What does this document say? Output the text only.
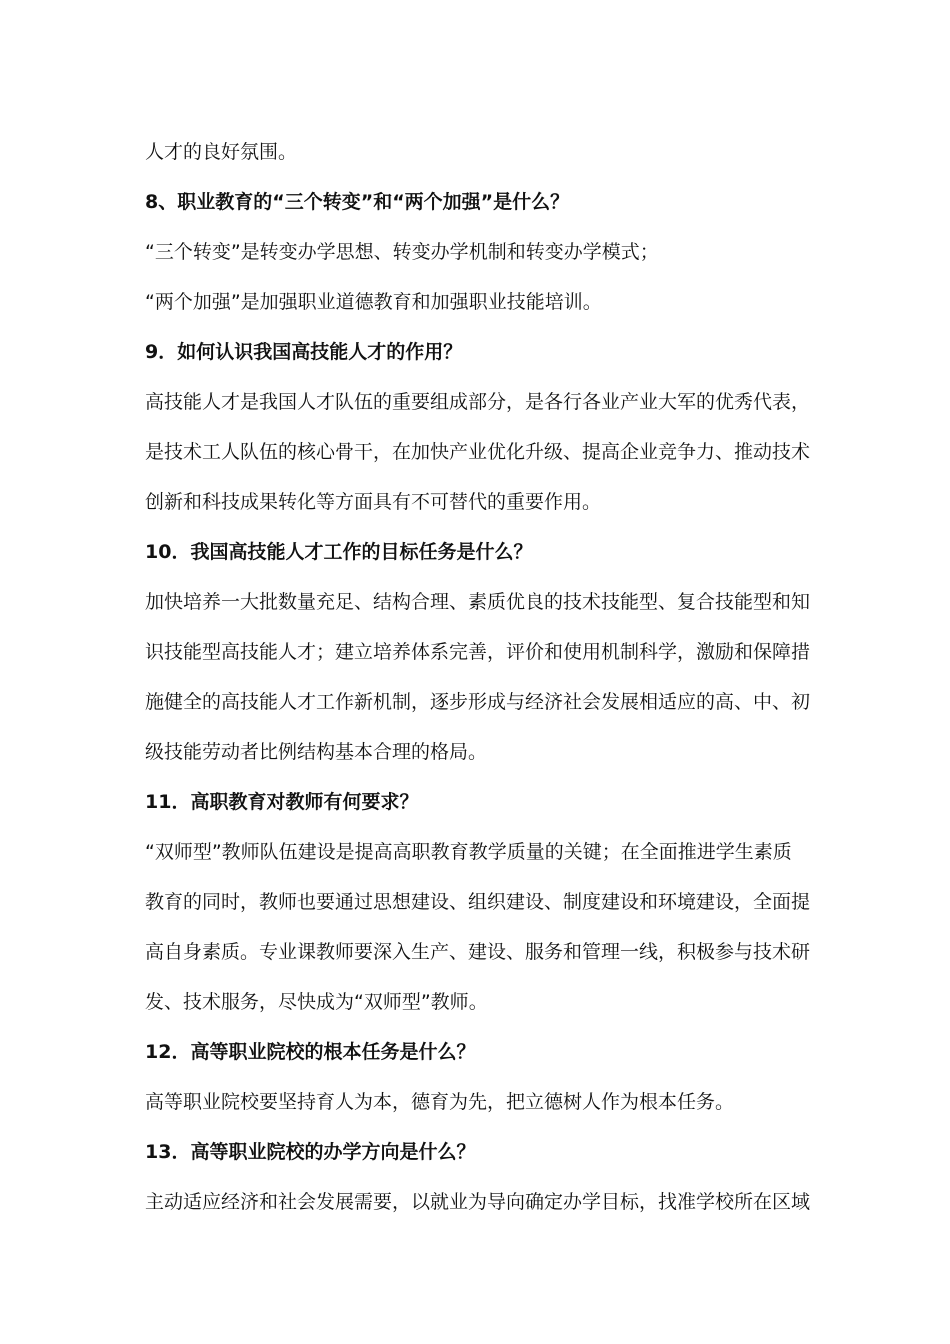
人才的良好氛围。
8、职业教育的“三个转变”和“两个加强”是什么？
“三个转变”是转变办学思想、转变办学机制和转变办学模式；
“两个加强”是加强职业道德教育和加强职业技能培训。
9．如何认识我国高技能人才的作用？
高技能人才是我国人才队伍的重要组成部分，是各行各业产业大军的优秀代表，
是技术工人队伍的核心骨干，在加快产业优化升级、提高企业竞争力、推动技术
创新和科技成果转化等方面具有不可替代的重要作用。
10．我国高技能人才工作的目标任务是什么？
加快培养一大批数量充足、结构合理、素质优良的技术技能型、复合技能型和知
识技能型高技能人才；建立培养体系完善，评价和使用机制科学，激励和保障措
施健全的高技能人才工作新机制，逐步形成与经济社会发展相适应的高、中、初
级技能劳动者比例结构基本合理的格局。
11．高职教育对教师有何要求？
“双师型”教师队伍建设是提高高职教育教学质量的关键；在全面推进学生素质
教育的同时，教师也要通过思想建设、组织建设、制度建设和环境建设，全面提
高自身素质。专业课教师要深入生产、建设、服务和管理一线，积极参与技术研
发、技术服务，尽快成为“双师型”教师。
12．高等职业院校的根本任务是什么？
高等职业院校要坚持育人为本，德育为先，把立德树人作为根本任务。
13．高等职业院校的办学方向是什么？
主动适应经济和社会发展需要，以就业为导向确定办学目标，找准学校所在区域
